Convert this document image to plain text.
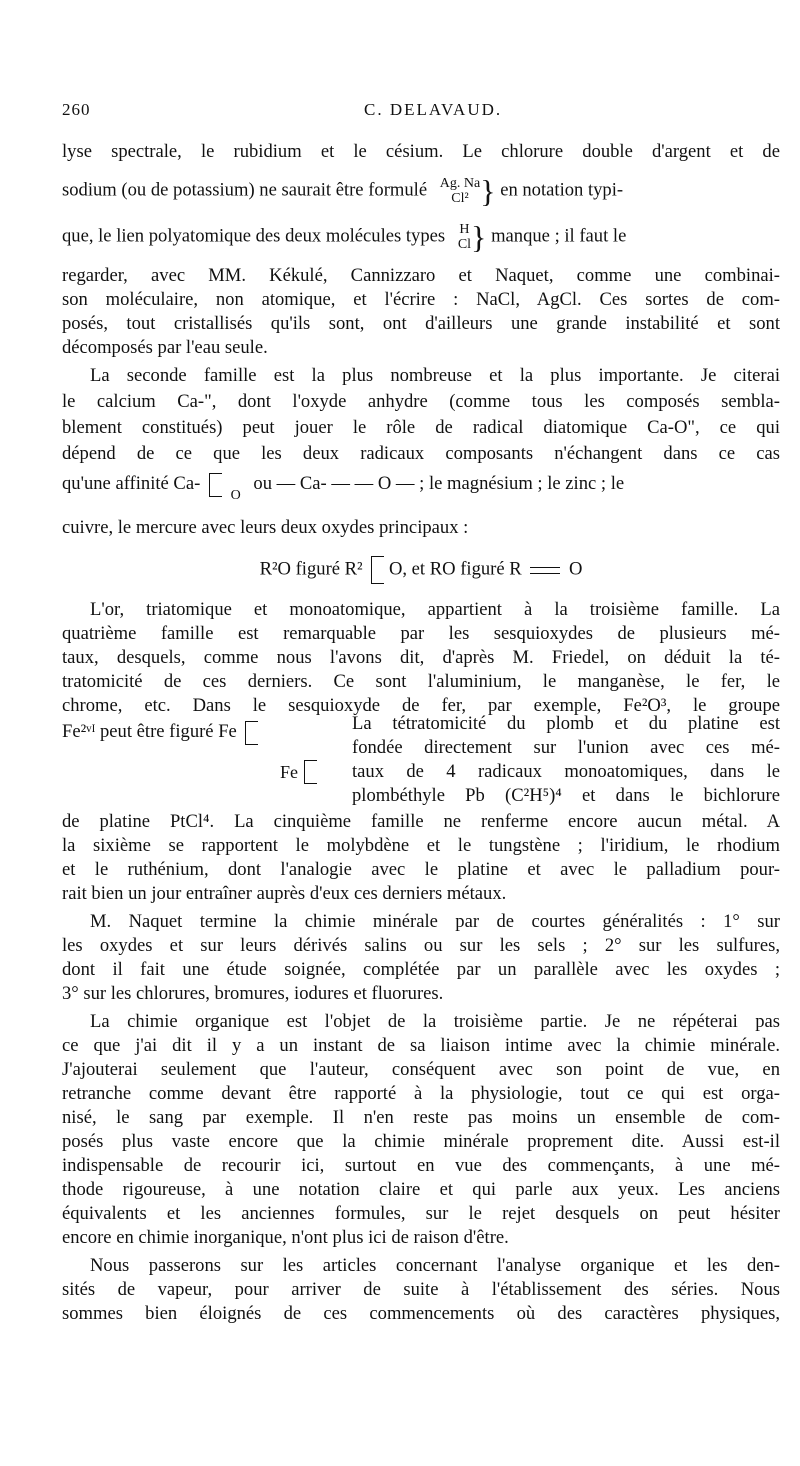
260	C. DELAVAUD.
lyse spectrale, le rubidium et le césium. Le chlorure double d'argent et de
sodium (ou de potassium) ne saurait être formulé Ag. Na
Cl² } en notation typi-
que, le lien polyatomique des deux molécules types H
Cl} manque ; il faut le
regarder, avec MM. Kékulé, Cannizzaro et Naquet, comme une combinai-
son moléculaire, non atomique, et l'écrire : NaCl, AgCl. Ces sortes de com-
posés, tout cristallisés qu'ils sont, ont d'ailleurs une grande instabilité et sont
décomposés par l'eau seule.
La seconde famille est la plus nombreuse et la plus importante. Je citerai
le calcium Ca-", dont l'oxyde anhydre (comme tous les composés sembla-
blement constitués) peut jouer le rôle de radical diatomique Ca-O", ce qui
dépend de ce que les deux radicaux composants n'échangent dans ce cas
qu'une affinité Ca-  $_O$ ou — Ca- — — O — ; le magnésium ; le zinc ; le
cuivre, le mercure avec leurs deux oxydes principaux :
R²O figuré R² O, et RO figuré R	O
L'or, triatomique et monoatomique, appartient à la troisième famille. La
quatrième famille est remarquable par les sesquioxydes de plusieurs mé-
taux, desquels, comme nous l'avons dit, d'après M. Friedel, on déduit la té-
tratomicité de ces derniers. Ce sont l'aluminium, le manganèse, le fer, le
chrome, etc. Dans le sesquioxyde de fer, par exemple, Fe²O³, le groupe
Fe²ᵛᴵ peut être figuré Fe
Fe
La tétratomicité du plomb et du platine est
fondée directement sur l'union avec ces mé-
taux de 4 radicaux monoatomiques, dans le
plombéthyle Pb (C²H⁵)⁴ et dans le bichlorure
de platine PtCl⁴. La cinquième famille ne renferme encore aucun métal. A
la sixième se rapportent le molybdène et le tungstène ; l'iridium, le rhodium
et le ruthénium, dont l'analogie avec le platine et avec le palladium pour-
rait bien un jour entraîner auprès d'eux ces derniers métaux.
M. Naquet termine la chimie minérale par de courtes généralités : 1° sur
les oxydes et sur leurs dérivés salins ou sur les sels ; 2° sur les sulfures,
dont il fait une étude soignée, complétée par un parallèle avec les oxydes ;
3° sur les chlorures, bromures, iodures et fluorures.
La chimie organique est l'objet de la troisième partie. Je ne répéterai pas
ce que j'ai dit il y a un instant de sa liaison intime avec la chimie minérale.
J'ajouterai seulement que l'auteur, conséquent avec son point de vue, en
retranche comme devant être rapporté à la physiologie, tout ce qui est orga-
nisé, le sang par exemple. Il n'en reste pas moins un ensemble de com-
posés plus vaste encore que la chimie minérale proprement dite. Aussi est-il
indispensable de recourir ici, surtout en vue des commençants, à une mé-
thode rigoureuse, à une notation claire et qui parle aux yeux. Les anciens
équivalents et les anciennes formules, sur le rejet desquels on peut hésiter
encore en chimie inorganique, n'ont plus ici de raison d'être.
Nous passerons sur les articles concernant l'analyse organique et les den-
sités de vapeur, pour arriver de suite à l'établissement des séries. Nous
sommes bien éloignés de ces commencements où des caractères physiques,
